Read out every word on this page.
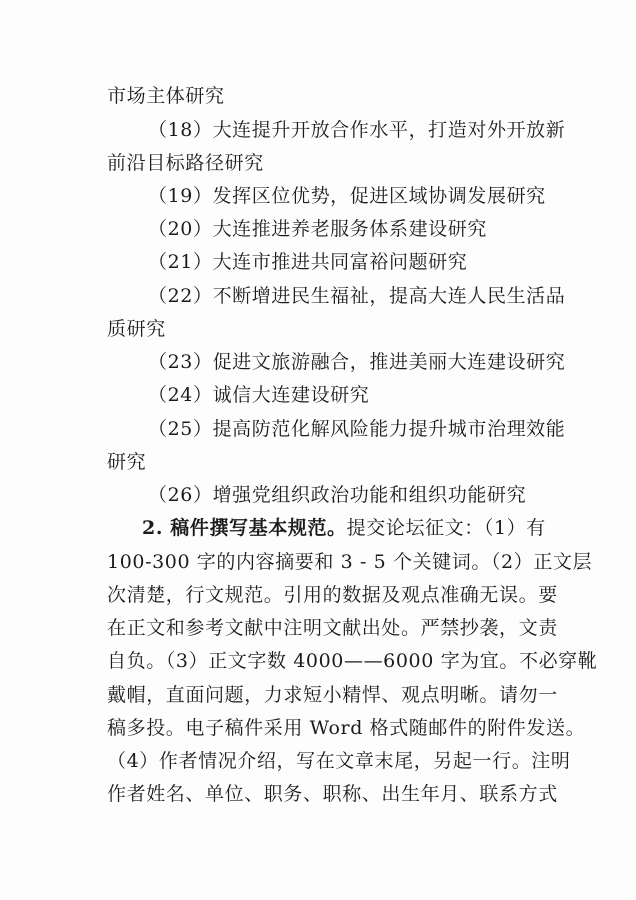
市场主体研究
（18）大连提升开放合作水平，打造对外开放新
前沿目标路径研究
（19）发挥区位优势，促进区域协调发展研究
（20）大连推进养老服务体系建设研究
（21）大连市推进共同富裕问题研究
（22）不断增进民生福祉，提高大连人民生活品
质研究
（23）促进文旅游融合，推进美丽大连建设研究
（24）诚信大连建设研究
（25）提高防范化解风险能力提升城市治理效能
研究
（26）增强党组织政治功能和组织功能研究
2. 稿件撰写基本规范。提交论坛征文：（1）有
100-300 字的内容摘要和 3 - 5 个关键词。（2）正文层
次清楚，行文规范。引用的数据及观点准确无误。要
在正文和参考文献中注明文献出处。严禁抄袭，文责
自负。（3）正文字数 4000——6000 字为宜。不必穿靴
戴帽，直面问题，力求短小精悍、观点明晰。请勿一
稿多投。电子稿件采用 Word 格式随邮件的附件发送。
（4）作者情况介绍，写在文章末尾，另起一行。注明
作者姓名、单位、职务、职称、出生年月、联系方式
